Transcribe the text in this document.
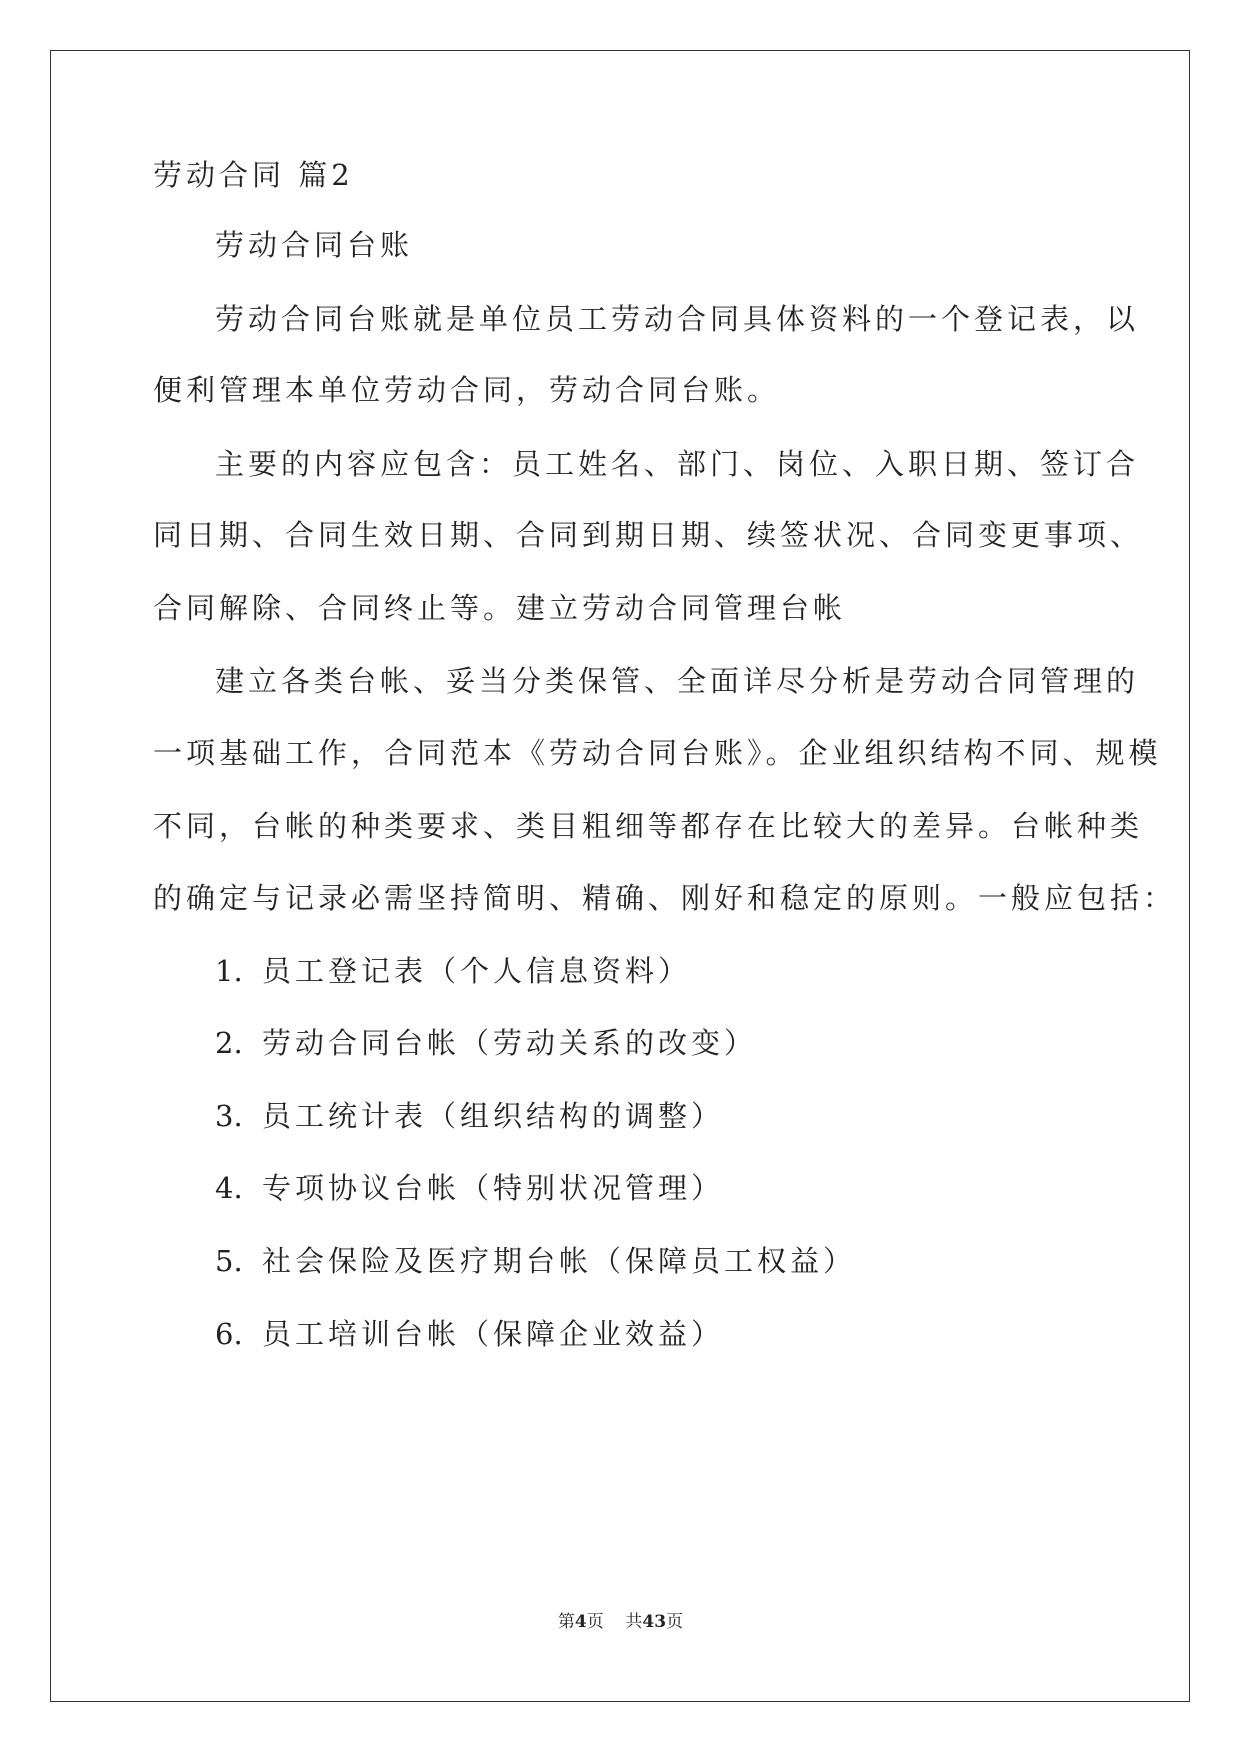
劳动合同 篇2
劳动合同台账
劳动合同台账就是单位员工劳动合同具体资料的一个登记表，以
便利管理本单位劳动合同，劳动合同台账。
主要的内容应包含：员工姓名、部门、岗位、入职日期、签订合
同日期、合同生效日期、合同到期日期、续签状况、合同变更事项、
合同解除、合同终止等。建立劳动合同管理台帐
建立各类台帐、妥当分类保管、全面详尽分析是劳动合同管理的
一项基础工作，合同范本《劳动合同台账》。企业组织结构不同、规模
不同，台帐的种类要求、类目粗细等都存在比较大的差异。台帐种类
的确定与记录必需坚持简明、精确、刚好和稳定的原则。一般应包括：
1. 员工登记表（个人信息资料）
2. 劳动合同台帐（劳动关系的改变）
3. 员工统计表（组织结构的调整）
4. 专项协议台帐（特别状况管理）
5. 社会保险及医疗期台帐（保障员工权益）
6. 员工培训台帐（保障企业效益）
第4页 共43页
